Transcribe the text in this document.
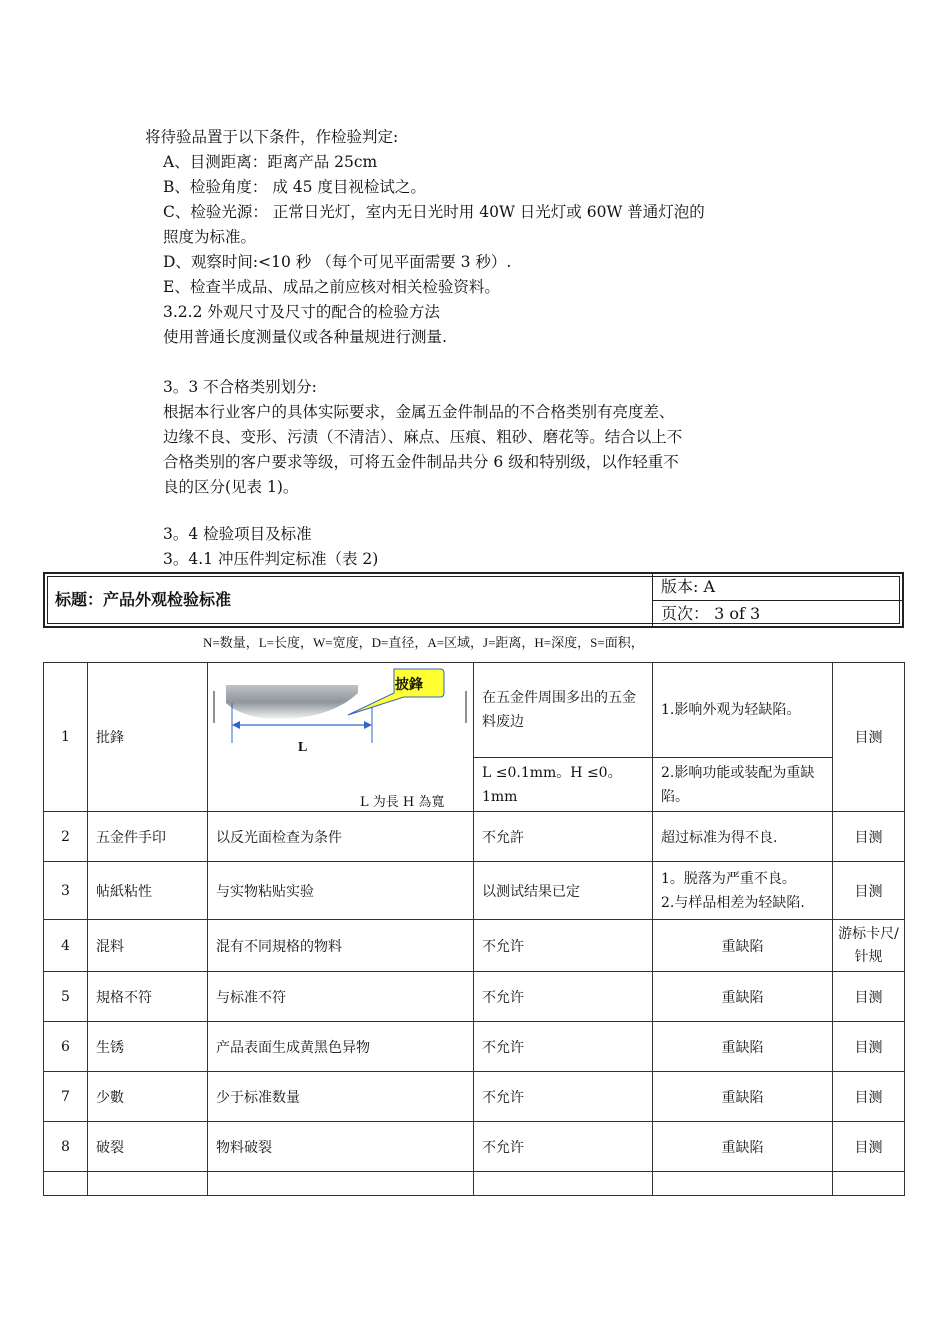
将待验品置于以下条件，作检验判定:
A、目测距离：距离产品 25cm
B、检验角度： 成 45 度目视检试之。
C、检验光源： 正常日光灯，室内无日光时用 40W 日光灯或 60W 普通灯泡的
照度为标准。
D、观察时间:<10 秒 （每个可见平面需要 3 秒）.
E、检查半成品、成品之前应核对相关检验资料。
3.2.2 外观尺寸及尺寸的配合的检验方法
使用普通长度测量仪或各种量规进行测量.
3。3 不合格类别划分:
根据本行业客户的具体实际要求，金属五金件制品的不合格类别有亮度差、
边缘不良、变形、污渍（不清洁）、麻点、压痕、粗砂、磨花等。结合以上不
合格类别的客户要求等级，可将五金件制品共分 6 级和特别级，以作轻重不
良的区分(见表 1)。
3。4 检验项目及标准
3。4.1 冲压件判定标准（表 2)
标题：产品外观检验标准
版本: A
页次： 3 of 3
N=数量，L=长度，W=宽度，D=直径，A=区域，J=距离，H=深度，S=面积，
1	批鋒	L
披鋒
L 为長 H 為寬	在五金件周围多出的五金料废边	1.影响外观为轻缺陷。	目测
			L ≤0.1mm。H ≤0。1mm	2.影响功能或装配为重缺陷。	
2	五金件手印	以反光面检查为条件	不允許	超过标准为得不良.	目测
3	帖紙粘性	与实物粘贴实验	以测试结果已定	1。脱落为严重不良。
2.与样品相差为轻缺陷.	目测
4	混料	混有不同規格的物料	不允许	重缺陷	游标卡尺/针规
5	規格不符	与标准不符	不允许	重缺陷	目测
6	生锈	产品表面生成黄黑色异物	不允许	重缺陷	目测
7	少數	少于标准数量	不允许	重缺陷	目测
8	破裂	物料破裂	不允许	重缺陷	目测
